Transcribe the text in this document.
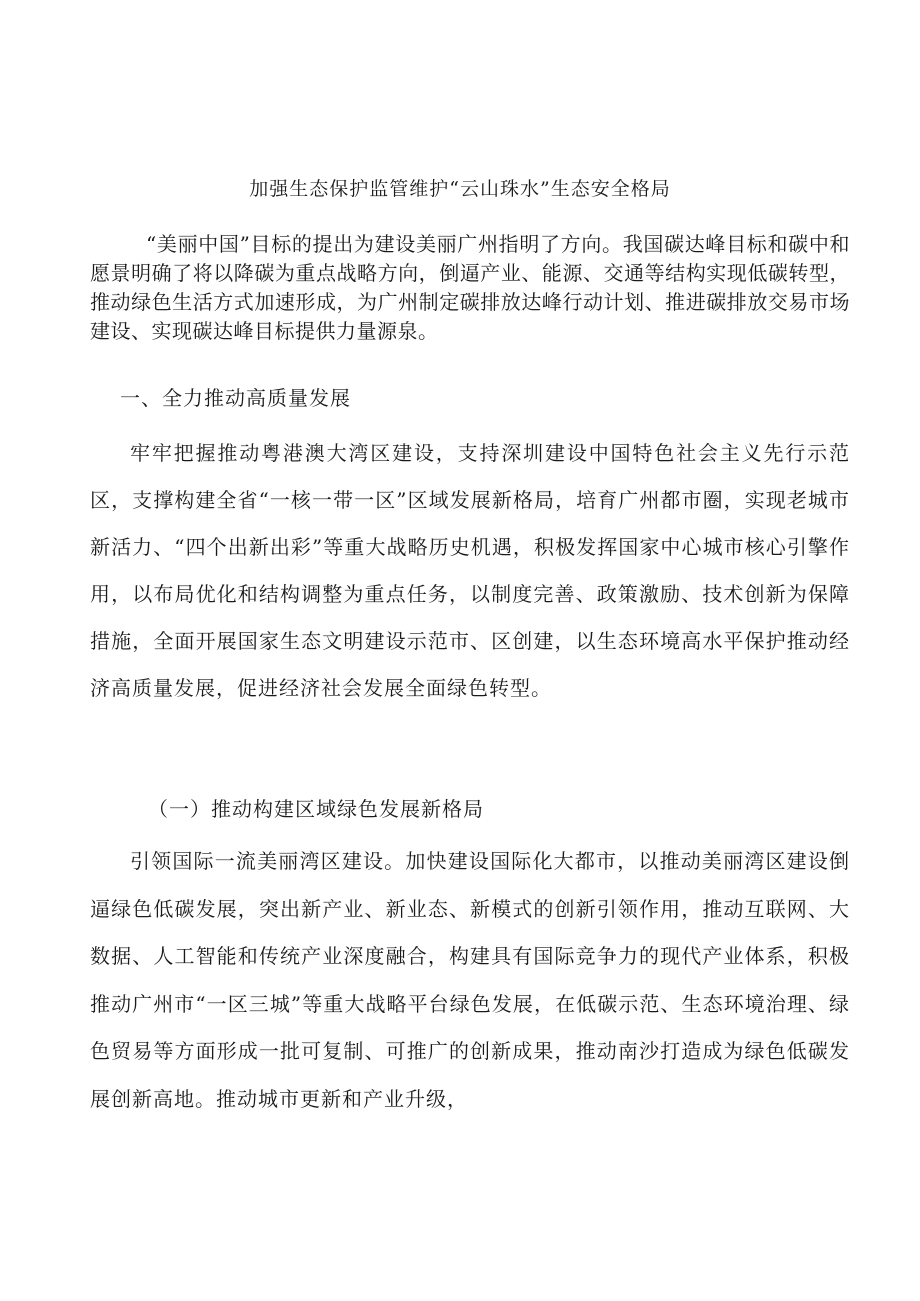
加强生态保护监管维护“云山珠水”生态安全格局

“美丽中国”目标的提出为建设美丽广州指明了方向。我国碳达峰目标和碳中和愿景明确了将以降碳为重点战略方向，倒逼产业、能源、交通等结构实现低碳转型，推动绿色生活方式加速形成，为广州制定碳排放达峰行动计划、推进碳排放交易市场建设、实现碳达峰目标提供力量源泉。

一、全力推动高质量发展

牢牢把握推动粤港澳大湾区建设，支持深圳建设中国特色社会主义先行示范区，支撑构建全省“一核一带一区”区域发展新格局，培育广州都市圈，实现老城市新活力、“四个出新出彩”等重大战略历史机遇，积极发挥国家中心城市核心引擎作用，以布局优化和结构调整为重点任务，以制度完善、政策激励、技术创新为保障措施，全面开展国家生态文明建设示范市、区创建，以生态环境高水平保护推动经济高质量发展，促进经济社会发展全面绿色转型。

（一）推动构建区域绿色发展新格局

引领国际一流美丽湾区建设。加快建设国际化大都市，以推动美丽湾区建设倒逼绿色低碳发展，突出新产业、新业态、新模式的创新引领作用，推动互联网、大数据、人工智能和传统产业深度融合，构建具有国际竞争力的现代产业体系，积极推动广州市“一区三城”等重大战略平台绿色发展，在低碳示范、生态环境治理、绿色贸易等方面形成一批可复制、可推广的创新成果，推动南沙打造成为绿色低碳发展创新高地。推动城市更新和产业升级，
